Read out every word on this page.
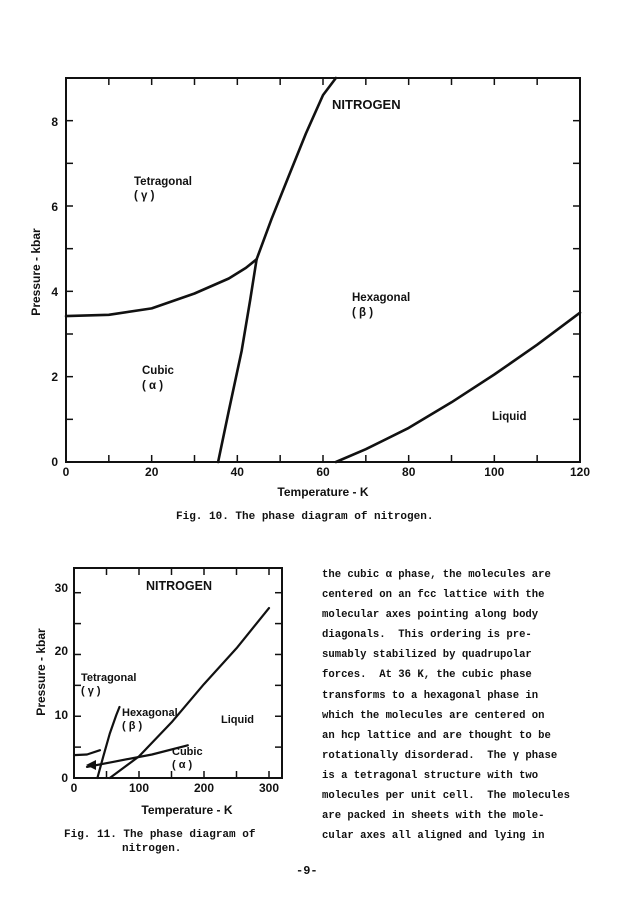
0	20	40	60	80	100	120
0
2
4
6
8
NITROGEN
Tetragonal
( γ )
Hexagonal
( β )
Cubic
( α )
Liquid
Temperature - K
Pressure - kbar
0	100	200	300
0
10
20
30	NITROGEN
Tetragonal
( γ )
Hexagonal
( β )
Cubic
( α )
Liquid
Temperature - K
Pressure - kbar
Fig. 10. The phase diagram of nitrogen.
Fig. 11. The phase diagram of
nitrogen.
the cubic α phase, the molecules are
centered on an fcc lattice with the
molecular axes pointing along body
diagonals.  This ordering is pre-
sumably stabilized by quadrupolar
forces.  At 36 K, the cubic phase
transforms to a hexagonal phase in
which the molecules are centered on
an hcp lattice and are thought to be
rotationally disorderad.  The γ phase
is a tetragonal structure with two
molecules per unit cell.  The molecules
are packed in sheets with the mole-
cular axes all aligned and lying in
-9-
